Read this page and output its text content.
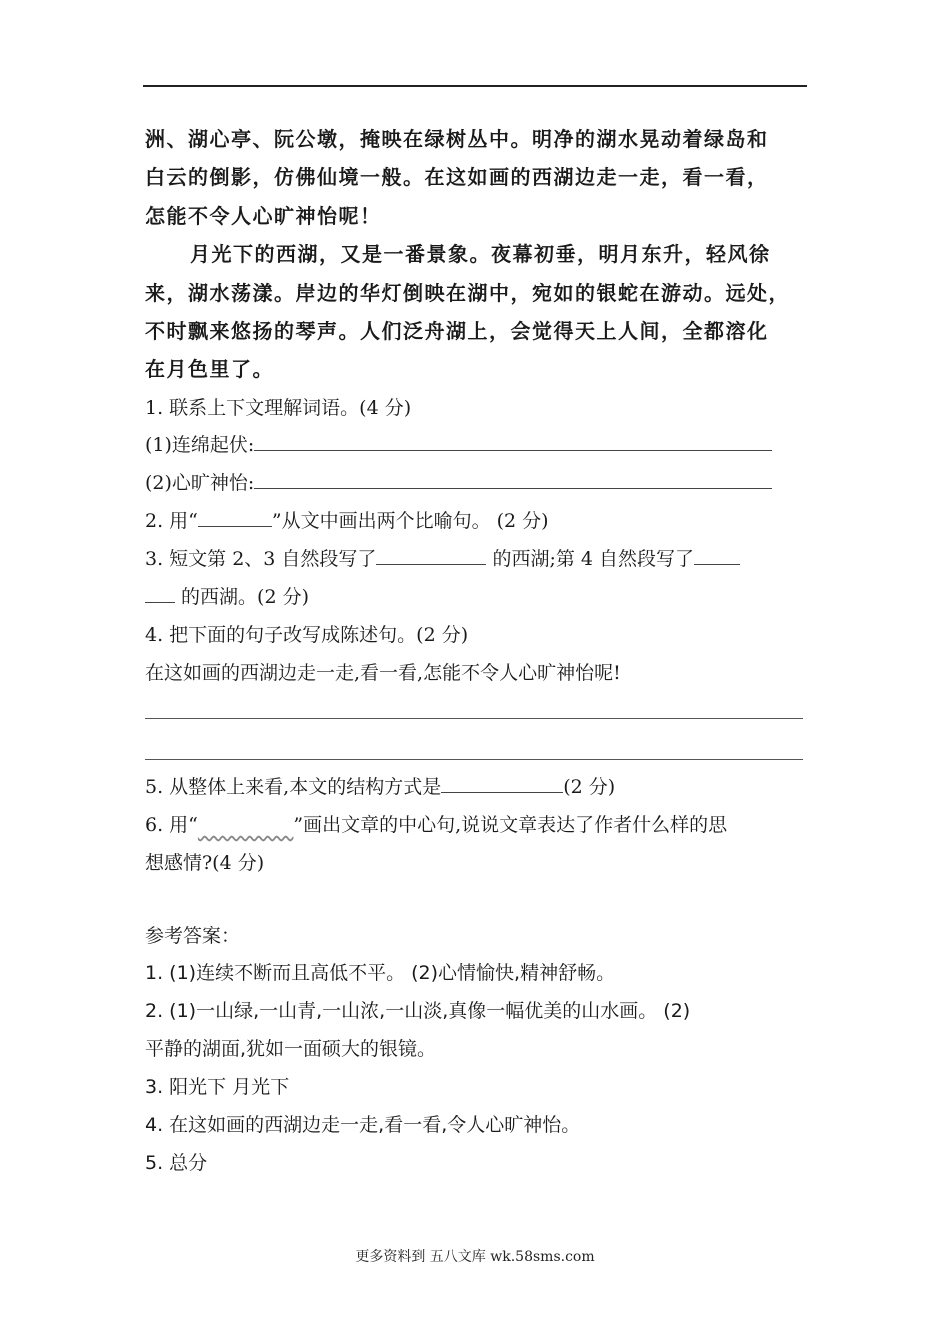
洲、湖心亭、阮公墩，掩映在绿树丛中。明净的湖水晃动着绿岛和
白云的倒影，仿佛仙境一般。在这如画的西湖边走一走，看一看，
怎能不令人心旷神怡呢！
月光下的西湖，又是一番景象。夜幕初垂，明月东升，轻风徐
来，湖水荡漾。岸边的华灯倒映在湖中，宛如的银蛇在游动。远处，
不时飘来悠扬的琴声。人们泛舟湖上，会觉得天上人间，全都溶化
在月色里了。
1. 联系上下文理解词语。(4 分)
(1)连绵起伏:
(2)心旷神怡:
2. 用“	”从文中画出两个比喻句。 (2 分)
3. 短文第 2、3 自然段写了	的西湖;第 4 自然段写了
的西湖。(2 分)
4. 把下面的句子改写成陈述句。(2 分)
在这如画的西湖边走一走,看一看,怎能不令人心旷神怡呢!
5. 从整体上来看,本文的结构方式是	(2 分)
6. 用“	”画出文章的中心句,说说文章表达了作者什么样的思
想感情?(4 分)
参考答案：
1. (1)连续不断而且高低不平。 (2)心情愉快,精神舒畅。
2. (1)一山绿,一山青,一山浓,一山淡,真像一幅优美的山水画。 (2)
平静的湖面,犹如一面硕大的银镜。
3. 阳光下 月光下
4. 在这如画的西湖边走一走,看一看,令人心旷神怡。
5. 总分
更多资料到 五八文库 wk.58sms.com
